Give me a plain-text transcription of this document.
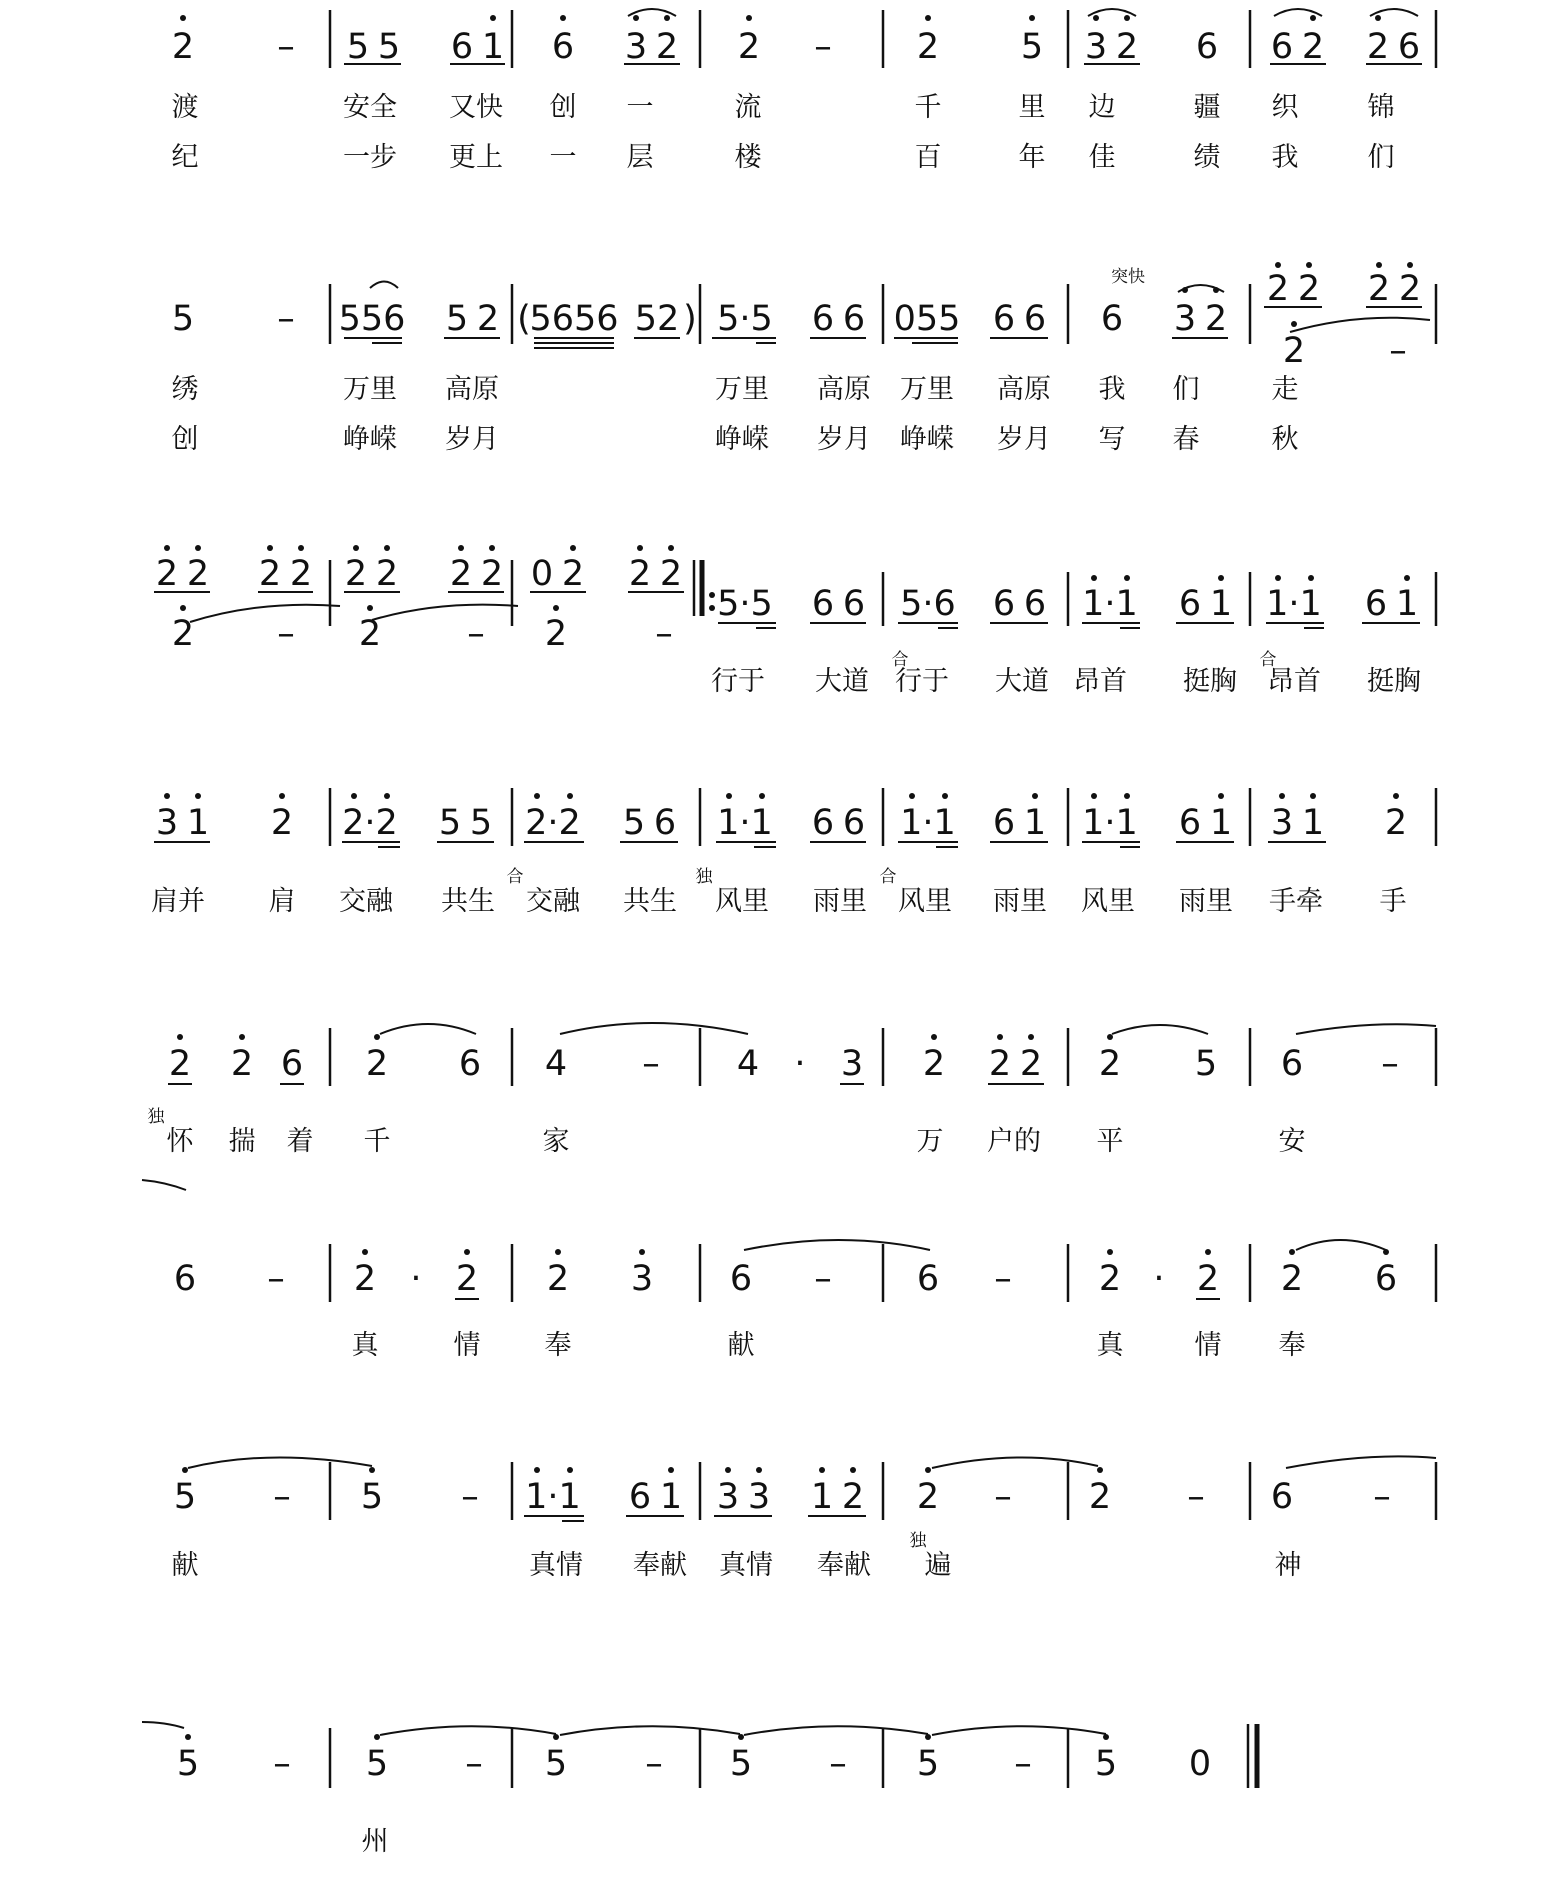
2 – 5 5 6 1 6 3 2 2 – 2 5 3 2 6 6 2 2 6
渡	安全 又快 创 一	流	千	里 边	疆 织	锦
纪	一步 更上 一 层	楼	百	年 佳	绩 我	们
5 – 556 5 2 (
5656 52 ) 5·5 6 6 055 6 6
突快
6 3 2
2 2 2 2
2 –
绣	万里 高原	万里 高原 万里 高原 我 们	走
创	峥嵘 岁月	峥嵘 岁月 峥嵘 岁月 写 春	秋
2 2 2 2 2 2 2 2 0 2 2 2
2 – 2 – 2	–
5·5 6 6 5·6 6 6 1·1 6 1 1·1 6 1
合	合
行于 大道 行于 大道 昂首 挺胸 昂首 挺胸
3 1 2 2·2 5 5 2·2 5 6 1·1 6 6 1·1 6 1 1·1 6 1 3 1 2
合	独	合
肩并 肩 交融 共生 交融 共生 风里 雨里 风里 雨里 风里 雨里 手牵 手
2 2 6 2 6 4 – 4 · 3 2 2 2 2 5 6 –
独
怀 揣 着 千	家	万 户的 平	安
6 – 2 · 2 2 3 6 – 6 – 2 · 2 2 6
真	情 奉	献	真	情 奉
5 – 5 – 1·1 6 1 3 3 1 2 2 – 2 – 6 –
独
献	真情 奉献 真情 奉献 遍	神
5 – 5 – 5 – 5 – 5 – 5 0
州
